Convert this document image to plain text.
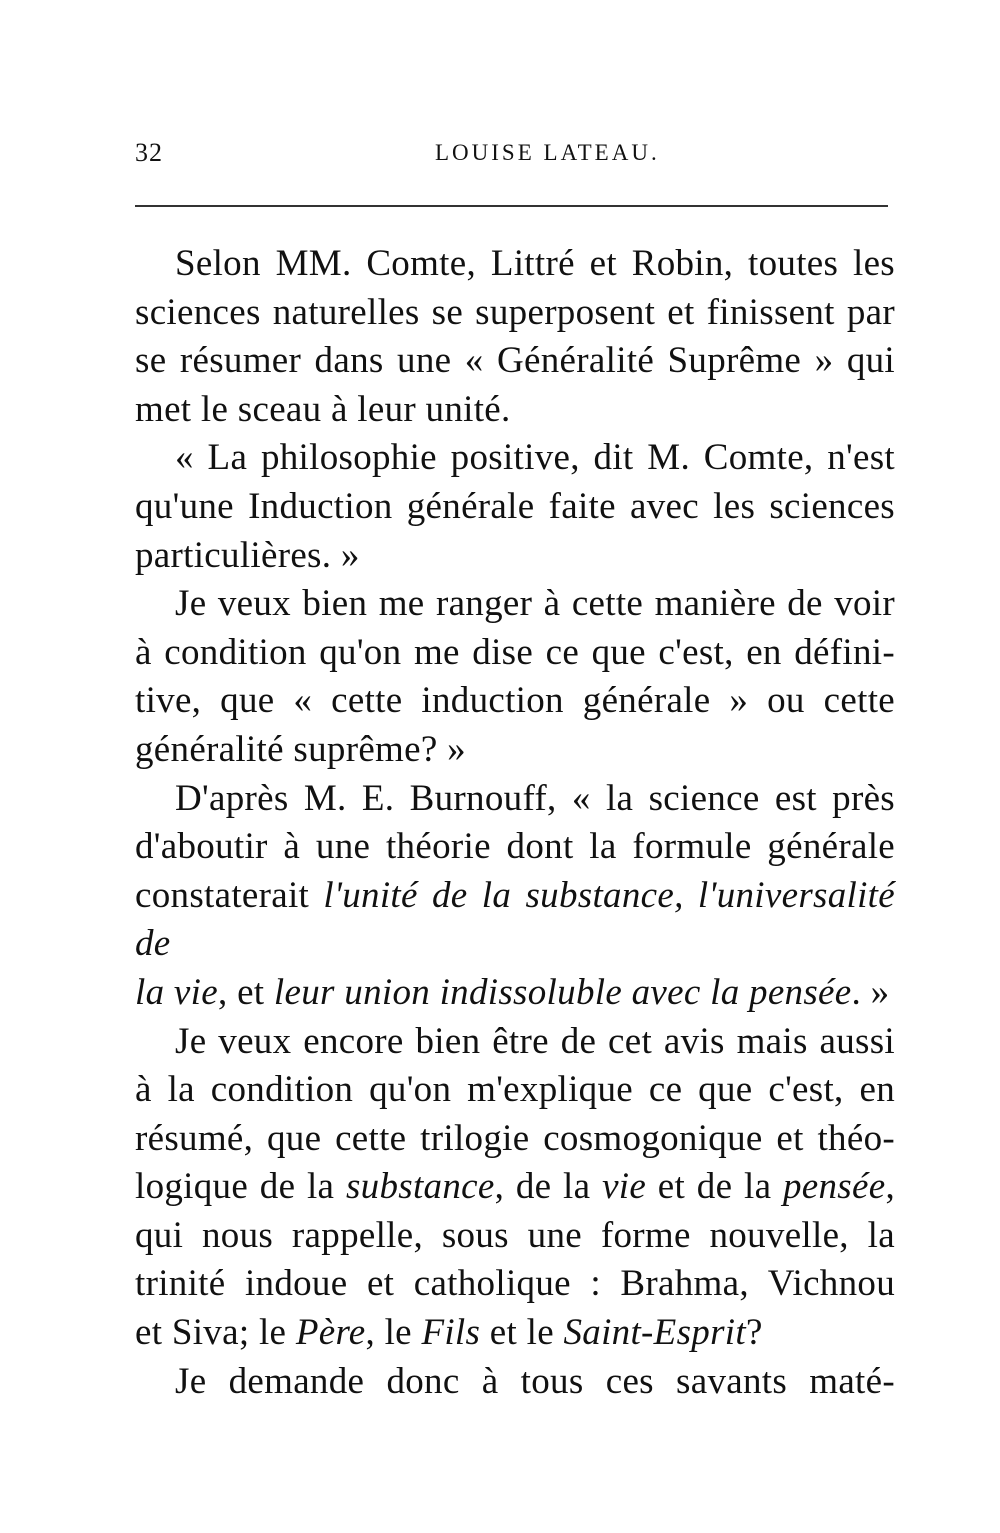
32	LOUISE LATEAU.

Selon MM. Comte, Littré et Robin, toutes les
sciences naturelles se superposent et finissent par
se résumer dans une « Généralité Suprême » qui
met le sceau à leur unité.

« La philosophie positive, dit M. Comte, n'est
qu'une Induction générale faite avec les sciences
particulières. »

Je veux bien me ranger à cette manière de voir
à condition qu'on me dise ce que c'est, en défini-
tive, que « cette induction générale » ou cette
généralité suprême? »

D'après M. E. Burnouff, « la science est près
d'aboutir à une théorie dont la formule générale
constaterait l'unité de la substance, l'universalité de
la vie, et leur union indissoluble avec la pensée. »

Je veux encore bien être de cet avis mais aussi
à la condition qu'on m'explique ce que c'est, en
résumé, que cette trilogie cosmogonique et théo-
logique de la substance, de la vie et de la pensée,
qui nous rappelle, sous une forme nouvelle, la
trinité indoue et catholique : Brahma, Vichnou
et Siva; le Père, le Fils et le Saint-Esprit?

Je demande donc à tous ces savants maté-
